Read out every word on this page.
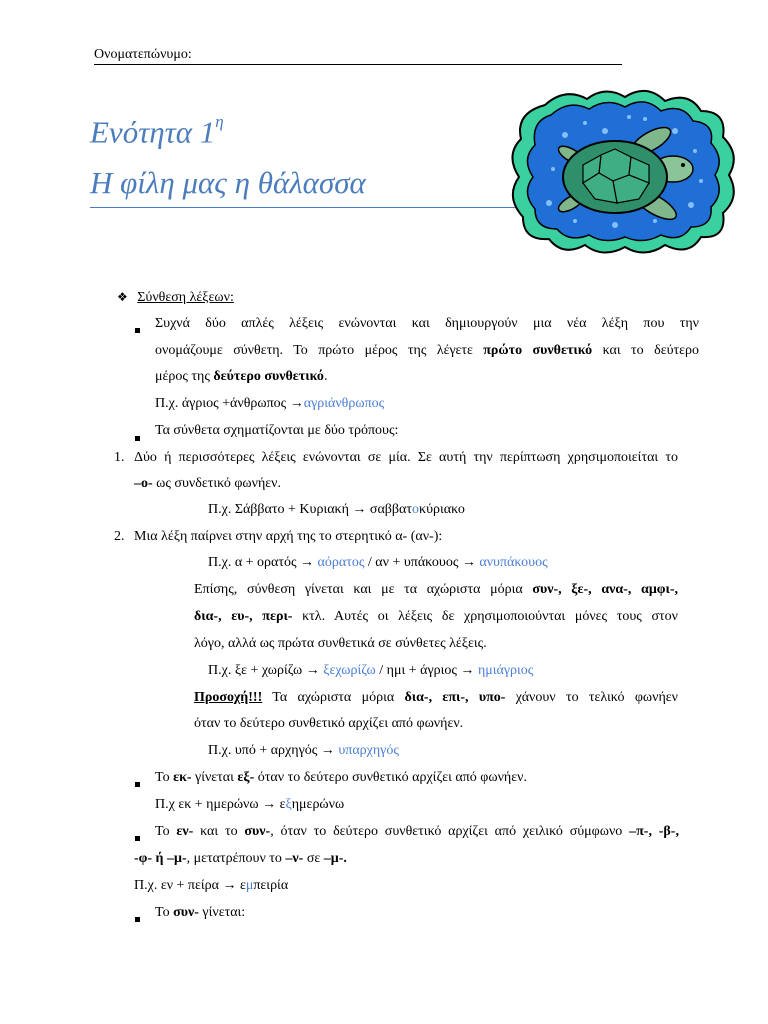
Ονοματεπώνυμο:
Ενότητα $1^\eta$
Η φίλη μας η θάλασσα
❖ Σύνθεση λέξεων:
Συχνά δύο απλές λέξεις ενώνονται και δημιουργούν μια νέα λέξη που την
ονομάζουμε σύνθετη. Το πρώτο μέρος της λέγετε πρώτο συνθετικό και το δεύτερο
μέρος της δεύτερο συνθετικό.
Π.χ. άγριος +άνθρωπος →αγριάνθρωπος
Τα σύνθετα σχηματίζονται με δύο τρόπους:
1. Δύο ή περισσότερες λέξεις ενώνονται σε μία. Σε αυτή την περίπτωση χρησιμοποιείται το
–ο- ως συνδετικό φωνήεν.
Π.χ. Σάββατο + Κυριακή → σαββατοκύριακο
2. Μια λέξη παίρνει στην αρχή της το στερητικό α- (αν-):
Π.χ. α + ορατός → αόρατος / αν + υπάκουος → ανυπάκουος
Επίσης, σύνθεση γίνεται και με τα αχώριστα μόρια συν-, ξε-, ανα-, αμφι-,
δια-, ευ-, περι- κτλ. Αυτές οι λέξεις δε χρησιμοποιούνται μόνες τους στον
λόγο, αλλά ως πρώτα συνθετικά σε σύνθετες λέξεις.
Π.χ. ξε + χωρίζω → ξεχωρίζω / ημι + άγριος → ημιάγριος
Προσοχή!!! Τα αχώριστα μόρια δια-, επι-, υπο- χάνουν το τελικό φωνήεν
όταν το δεύτερο συνθετικό αρχίζει από φωνήεν.
Π.χ. υπό + αρχηγός → υπαρχηγός
Το εκ- γίνεται εξ- όταν το δεύτερο συνθετικό αρχίζει από φωνήεν.
Π.χ εκ + ημερώνω → εξημερώνω
Το εν- και το συν-, όταν το δεύτερο συνθετικό αρχίζει από χειλικό σύμφωνο –π-, -β-,
-φ- ή –μ-, μετατρέπουν το –ν- σε –μ-.
Π.χ. εν + πείρα → εμπειρία
Το συν- γίνεται:
